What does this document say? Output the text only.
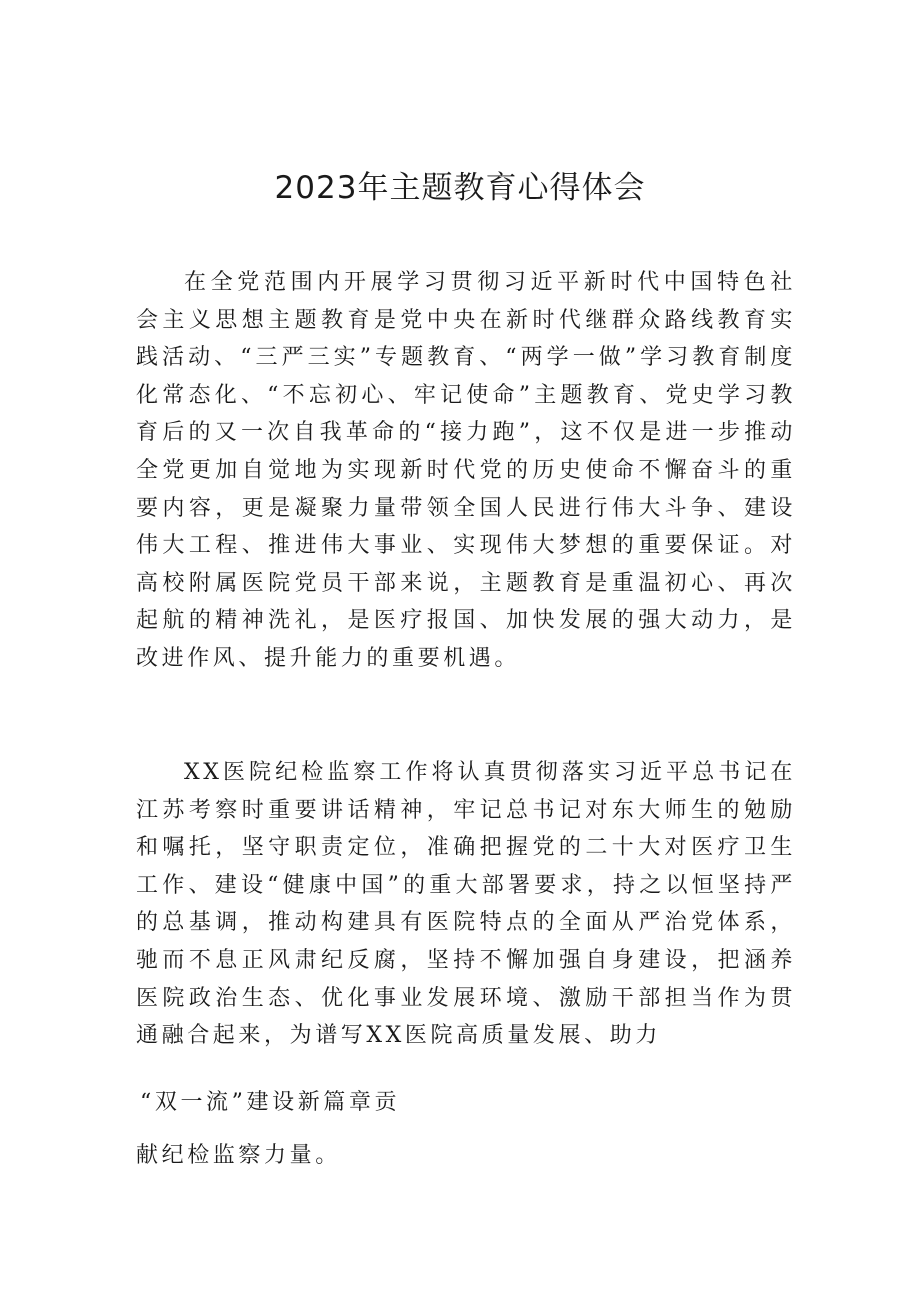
2023年主题教育心得体会

在全党范围内开展学习贯彻习近平新时代中国特色社会主义思想主题教育是党中央在新时代继群众路线教育实践活动、“三严三实”专题教育、“两学一做”学习教育制度化常态化、“不忘初心、牢记使命”主题教育、党史学习教育后的又一次自我革命的“接力跑”，这不仅是进一步推动全党更加自觉地为实现新时代党的历史使命不懈奋斗的重要内容，更是凝聚力量带领全国人民进行伟大斗争、建设伟大工程、推进伟大事业、实现伟大梦想的重要保证。对高校附属医院党员干部来说，主题教育是重温初心、再次起航的精神洗礼，是医疗报国、加快发展的强大动力，是改进作风、提升能力的重要机遇。

XX医院纪检监察工作将认真贯彻落实习近平总书记在江苏考察时重要讲话精神，牢记总书记对东大师生的勉励和嘱托，坚守职责定位，准确把握党的二十大对医疗卫生工作、建设“健康中国”的重大部署要求，持之以恒坚持严的总基调，推动构建具有医院特点的全面从严治党体系，驰而不息正风肃纪反腐，坚持不懈加强自身建设，把涵养医院政治生态、优化事业发展环境、激励干部担当作为贯通融合起来，为谱写XX医院高质量发展、助力

“双一流”建设新篇章贡

献纪检监察力量。
